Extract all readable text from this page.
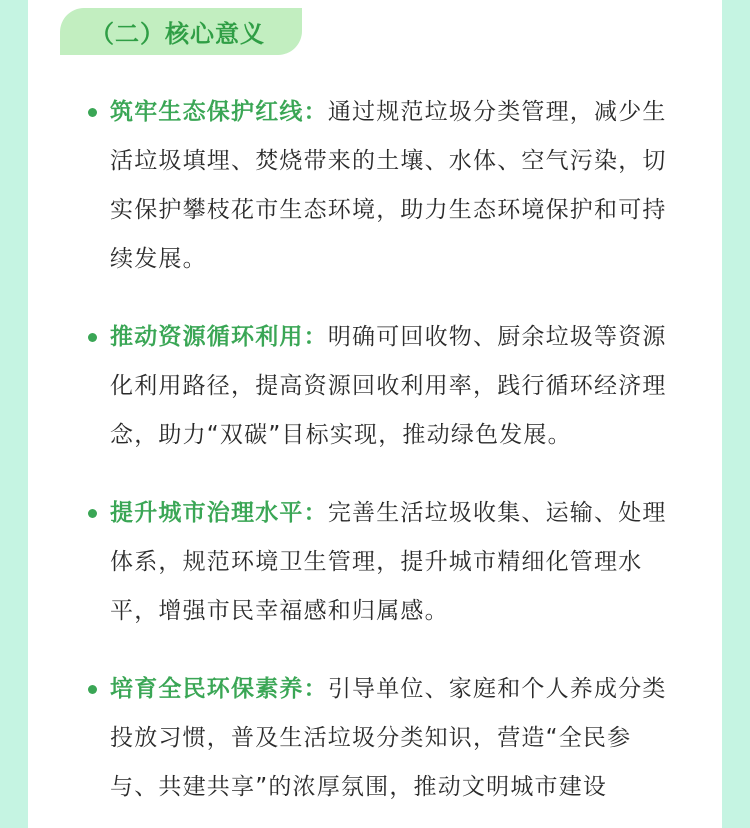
（二）核心意义
筑牢生态保护红线：通过规范垃圾分类管理，减少生活垃圾填埋、焚烧带来的土壤、水体、空气污染，切实保护攀枝花市生态环境，助力生态环境保护和可持续发展。
推动资源循环利用：明确可回收物、厨余垃圾等资源化利用路径，提高资源回收利用率，践行循环经济理念，助力“双碳”目标实现，推动绿色发展。
提升城市治理水平：完善生活垃圾收集、运输、处理体系，规范环境卫生管理，提升城市精细化管理水平，增强市民幸福感和归属感。
培育全民环保素养：引导单位、家庭和个人养成分类投放习惯，普及生活垃圾分类知识，营造“全民参与、共建共享”的浓厚氛围，推动文明城市建设
